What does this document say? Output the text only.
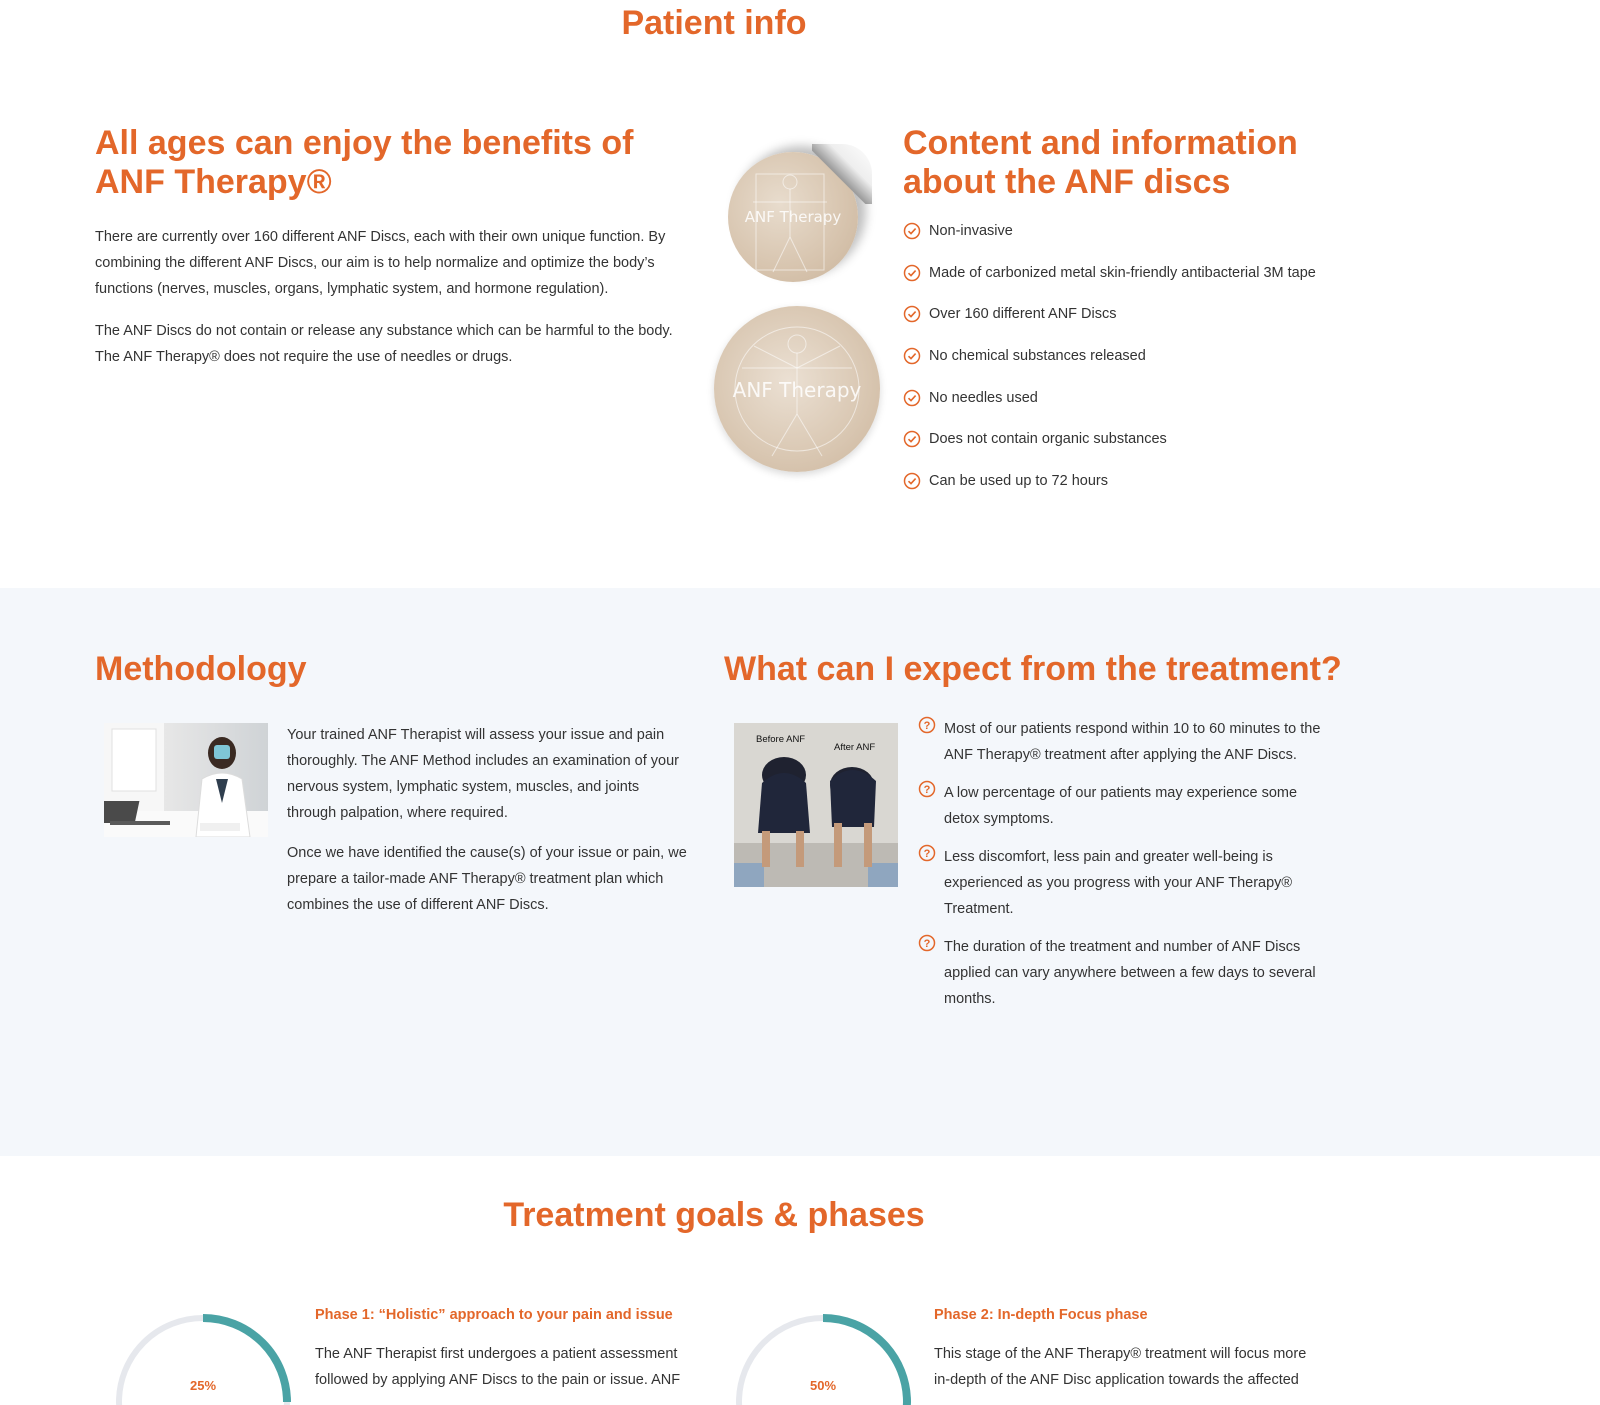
Patient info
All ages can enjoy the benefits of ANF Therapy®

There are currently over 160 different ANF Discs, each with their own unique function. By combining the different ANF Discs, our aim is to help normalize and optimize the body’s functions (nerves, muscles, organs, lymphatic system, and hormone regulation).

The ANF Discs do not contain or release any substance which can be harmful to the body. The ANF Therapy® does not require the use of needles or drugs.

ANF Therapy
ANF Therapy
Content and information about the ANF discs
Non-invasive
Made of carbonized metal skin-friendly antibacterial 3M tape
Over 160 different ANF Discs
No chemical substances released
No needles used
Does not contain organic substances
Can be used up to 72 hours
Methodology	What can I expect from the treatment?

Your trained ANF Therapist will assess your issue and pain thoroughly. The ANF Method includes an examination of your nervous system, lymphatic system, muscles, and joints through palpation, where required.

Once we have identified the cause(s) of your issue or pain, we prepare a tailor-made ANF Therapy® treatment plan which combines the use of different ANF Discs.

Before ANF
After ANF
? Most of our patients respond within 10 to 60 minutes to the ANF Therapy® treatment after applying the ANF Discs.
? A low percentage of our patients may experience some detox symptoms.
? Less discomfort, less pain and greater well-being is experienced as you progress with your ANF Therapy® Treatment.
? The duration of the treatment and number of ANF Discs applied can vary anywhere between a few days to several months.
Treatment goals & phases
25%
Phase 1: “Holistic” approach to your pain and issue
The ANF Therapist first undergoes a patient assessment followed by applying ANF Discs to the pain or issue. ANF	50%
Phase 2: In-depth Focus phase
This stage of the ANF Therapy® treatment will focus more in-depth of the ANF Disc application towards the affected
